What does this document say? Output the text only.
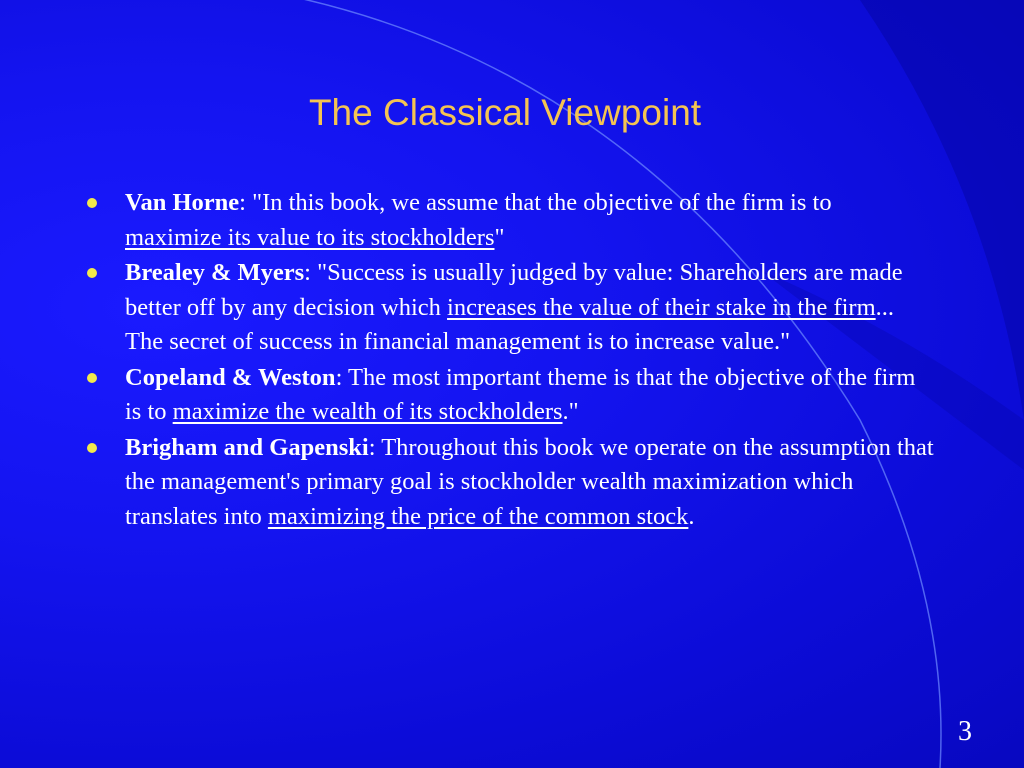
The Classical Viewpoint
Van Horne: "In this book, we assume that the objective of the firm is to maximize its value to its stockholders"
Brealey & Myers: "Success is usually judged by value: Shareholders are made better off by any decision which increases the value of their stake in the firm... The secret of success in financial management is to increase value."
Copeland & Weston: The most important theme is that the objective of the firm is to maximize the wealth of its stockholders."
Brigham and Gapenski: Throughout this book we operate on the assumption that the management's primary goal is stockholder wealth maximization which translates into maximizing the price of the common stock.
3
